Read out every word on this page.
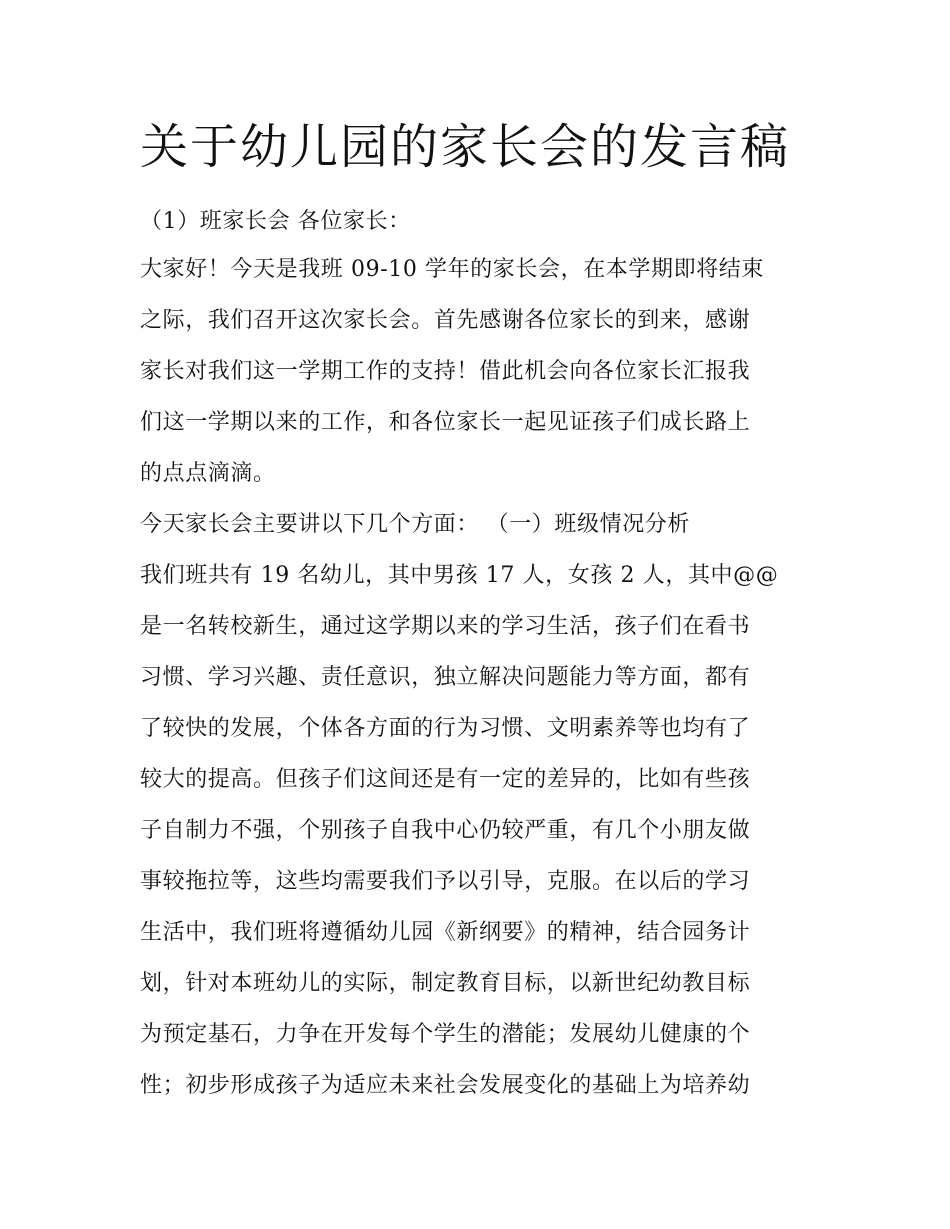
关于幼儿园的家长会的发言稿
（1）班家长会 各位家长：
大家好！今天是我班 09-10 学年的家长会，在本学期即将结束
之际，我们召开这次家长会。首先感谢各位家长的到来，感谢
家长对我们这一学期工作的支持！借此机会向各位家长汇报我
们这一学期以来的工作，和各位家长一起见证孩子们成长路上
的点点滴滴。
今天家长会主要讲以下几个方面： （一）班级情况分析
我们班共有 19 名幼儿，其中男孩 17 人，女孩 2 人，其中@@
是一名转校新生，通过这学期以来的学习生活，孩子们在看书
习惯、学习兴趣、责任意识，独立解决问题能力等方面，都有
了较快的发展，个体各方面的行为习惯、文明素养等也均有了
较大的提高。但孩子们这间还是有一定的差异的，比如有些孩
子自制力不强，个别孩子自我中心仍较严重，有几个小朋友做
事较拖拉等，这些均需要我们予以引导，克服。在以后的学习
生活中，我们班将遵循幼儿园《新纲要》的精神，结合园务计
划，针对本班幼儿的实际，制定教育目标，以新世纪幼教目标
为预定基石，力争在开发每个学生的潜能；发展幼儿健康的个
性；初步形成孩子为适应未来社会发展变化的基础上为培养幼
